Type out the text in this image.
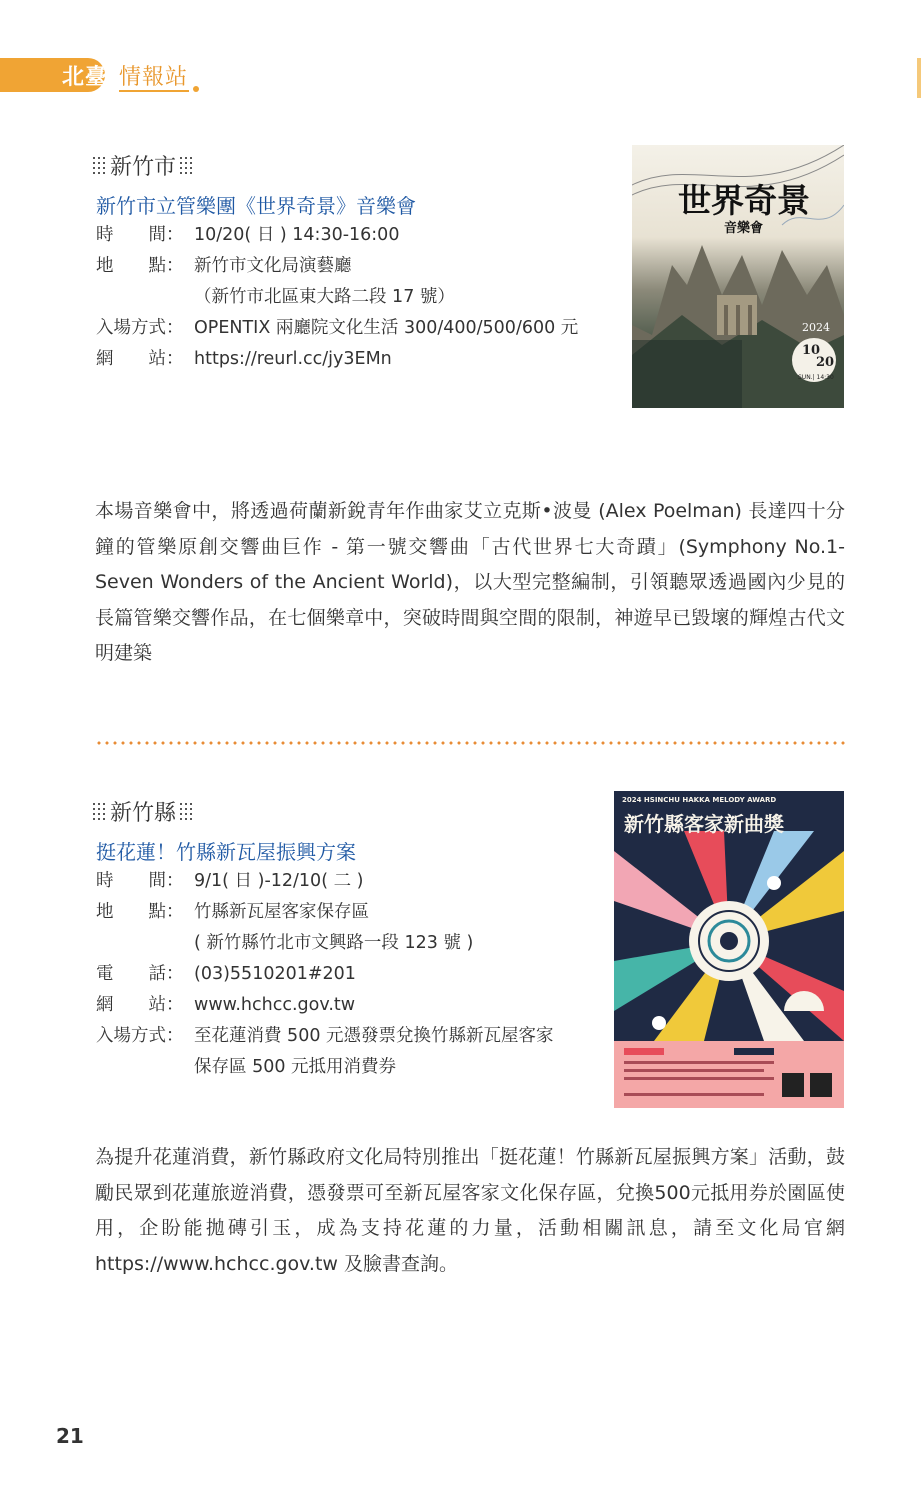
北臺 情報站
新竹市
新竹市立管樂團《世界奇景》音樂會
時　　間： 10/20( 日 ) 14:30-16:00
地　　點： 新竹市文化局演藝廳
（新竹市北區東大路二段 17 號）
入場方式： OPENTIX 兩廳院文化生活 300/400/500/600 元
網　　站： https://reurl.cc/jy3EMn
世界奇景
音樂會
2024
10
20
SUN.| 14:30
本場音樂會中，將透過荷蘭新銳青年作曲家艾立克斯•波曼 (Alex Poelman) 長達四十分鐘的管樂原創交響曲巨作 - 第一號交響曲「古代世界七大奇蹟」(Symphony No.1- Seven Wonders of the Ancient World)，以大型完整編制，引領聽眾透過國內少見的長篇管樂交響作品，在七個樂章中，突破時間與空間的限制，神遊早已毀壞的輝煌古代文明建築
新竹縣
挺花蓮！竹縣新瓦屋振興方案
時　　間： 9/1( 日 )-12/10( 二 )
地　　點： 竹縣新瓦屋客家保存區
( 新竹縣竹北市文興路一段 123 號 )
電　　話： (03)5510201#201
網　　站： www.hchcc.gov.tw
入場方式： 至花蓮消費 500 元憑發票兌換竹縣新瓦屋客家
保存區 500 元抵用消費券
2024 HSINCHU HAKKA MELODY AWARD
新竹縣客家新曲獎
為提升花蓮消費，新竹縣政府文化局特別推出「挺花蓮！竹縣新瓦屋振興方案」活動，鼓勵民眾到花蓮旅遊消費，憑發票可至新瓦屋客家文化保存區，兌換500元抵用券於園區使用，企盼能拋磚引玉，成為支持花蓮的力量，活動相關訊息，請至文化局官網 https://www.hchcc.gov.tw 及臉書查詢。
21
